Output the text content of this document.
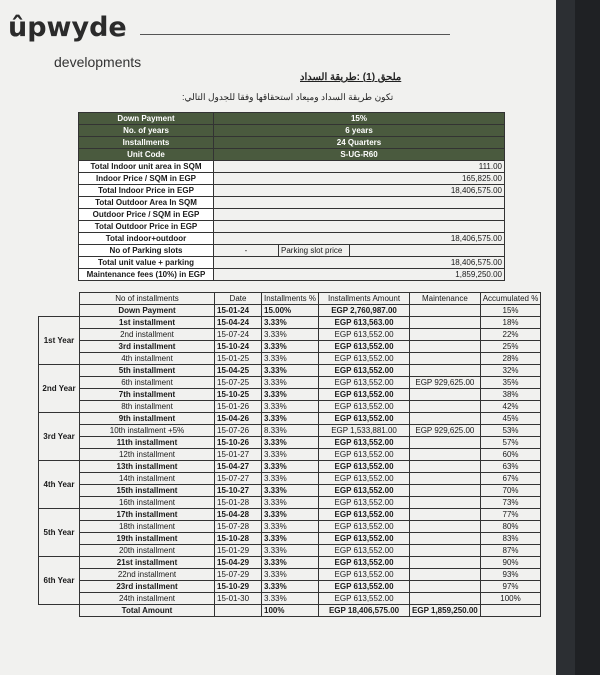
ûpwyde
developments
ملحق (1) :طريقة السداد
تكون طريقة السداد وميعاد استحقاقها وفقا للجدول التالي:
	Down Payment	15%		
	No. of years	6 years		
	Installments	24 Quarters		
	Unit Code	S-UG-R60		
	Total Indoor unit area in SQM	111.00		
	Indoor Price / SQM in EGP	165,825.00		
	Total Indoor Price in EGP	18,406,575.00		
	Total Outdoor Area In SQM			
	Outdoor Price / SQM in EGP			
	Total Outdoor Price in EGP			
	Total indoor+outdoor	18,406,575.00		
	No of Parking slots	-	Parking slot price	
	Total unit value + parking	18,406,575.00		
	Maintenance fees (10%) in EGP	1,859,250.00		
	No of installments	Date	Installments %	Installments Amount	Maintenance	Accumulated %
	Down Payment	15-01-24	15.00%	EGP 2,760,987.00		15%
1st Year	1st installment	15-04-24	3.33%	EGP 613,563.00		18%
	2nd installment	15-07-24	3.33%	EGP 613,552.00		22%
	3rd installment	15-10-24	3.33%	EGP 613,552.00		25%
	4th installment	15-01-25	3.33%	EGP 613,552.00		28%
2nd Year	5th installment	15-04-25	3.33%	EGP 613,552.00		32%
	6th installment	15-07-25	3.33%	EGP 613,552.00	EGP 929,625.00	35%
	7th installment	15-10-25	3.33%	EGP 613,552.00		38%
	8th installment	15-01-26	3.33%	EGP 613,552.00		42%
3rd Year	9th installment	15-04-26	3.33%	EGP 613,552.00		45%
	10th installment +5%	15-07-26	8.33%	EGP 1,533,881.00	EGP 929,625.00	53%
	11th installment	15-10-26	3.33%	EGP 613,552.00		57%
	12th installment	15-01-27	3.33%	EGP 613,552.00		60%
4th Year	13th installment	15-04-27	3.33%	EGP 613,552.00		63%
	14th installment	15-07-27	3.33%	EGP 613,552.00		67%
	15th installment	15-10-27	3.33%	EGP 613,552.00		70%
	16th installment	15-01-28	3.33%	EGP 613,552.00		73%
5th Year	17th installment	15-04-28	3.33%	EGP 613,552.00		77%
	18th installment	15-07-28	3.33%	EGP 613,552.00		80%
	19th installment	15-10-28	3.33%	EGP 613,552.00		83%
	20th installment	15-01-29	3.33%	EGP 613,552.00		87%
6th Year	21st installment	15-04-29	3.33%	EGP 613,552.00		90%
	22nd installment	15-07-29	3.33%	EGP 613,552.00		93%
	23rd installment	15-10-29	3.33%	EGP 613,552.00		97%
	24th installment	15-01-30	3.33%	EGP 613,552.00		100%
	Total Amount		100%	EGP 18,406,575.00	EGP 1,859,250.00	
